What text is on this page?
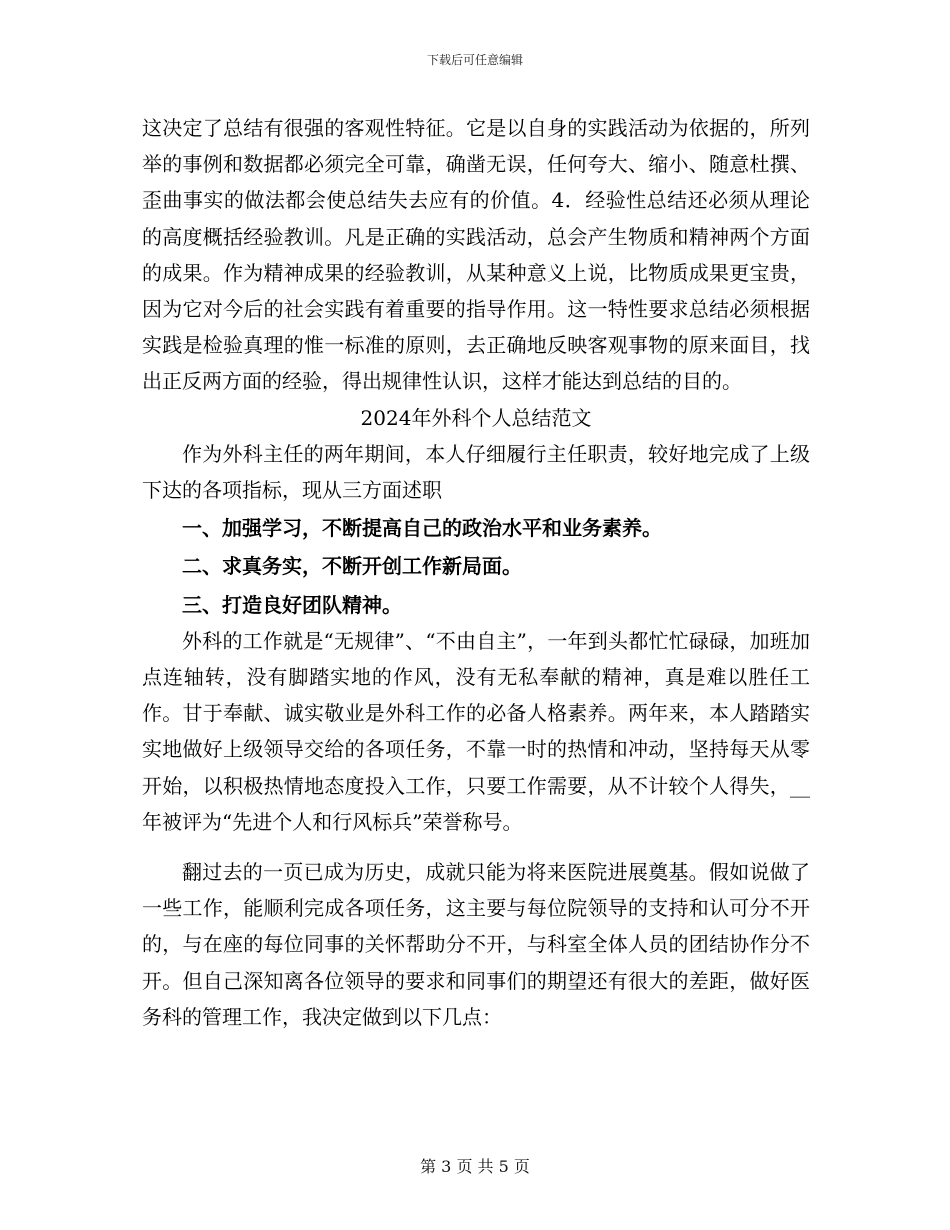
下载后可任意编辑

这决定了总结有很强的客观性特征。它是以自身的实践活动为依据的，所列举的事例和数据都必须完全可靠，确凿无误，任何夸大、缩小、随意杜撰、歪曲事实的做法都会使总结失去应有的价值。4．经验性总结还必须从理论的高度概括经验教训。凡是正确的实践活动，总会产生物质和精神两个方面的成果。作为精神成果的经验教训，从某种意义上说，比物质成果更宝贵，因为它对今后的社会实践有着重要的指导作用。这一特性要求总结必须根据实践是检验真理的惟一标准的原则，去正确地反映客观事物的原来面目，找出正反两方面的经验，得出规律性认识，这样才能达到总结的目的。

2024年外科个人总结范文

作为外科主任的两年期间，本人仔细履行主任职责，较好地完成了上级下达的各项指标，现从三方面述职

一、加强学习，不断提高自己的政治水平和业务素养。

二、求真务实，不断开创工作新局面。

三、打造良好团队精神。

外科的工作就是“无规律”、“不由自主”，一年到头都忙忙碌碌，加班加点连轴转，没有脚踏实地的作风，没有无私奉献的精神，真是难以胜任工作。甘于奉献、诚实敬业是外科工作的必备人格素养。两年来，本人踏踏实实地做好上级领导交给的各项任务，不靠一时的热情和冲动，坚持每天从零开始，以积极热情地态度投入工作，只要工作需要，从不计较个人得失，__年被评为“先进个人和行风标兵”荣誉称号。

翻过去的一页已成为历史，成就只能为将来医院进展奠基。假如说做了一些工作，能顺利完成各项任务，这主要与每位院领导的支持和认可分不开的，与在座的每位同事的关怀帮助分不开，与科室全体人员的团结协作分不开。但自己深知离各位领导的要求和同事们的期望还有很大的差距，做好医务科的管理工作，我决定做到以下几点：

第 3 页 共 5 页
